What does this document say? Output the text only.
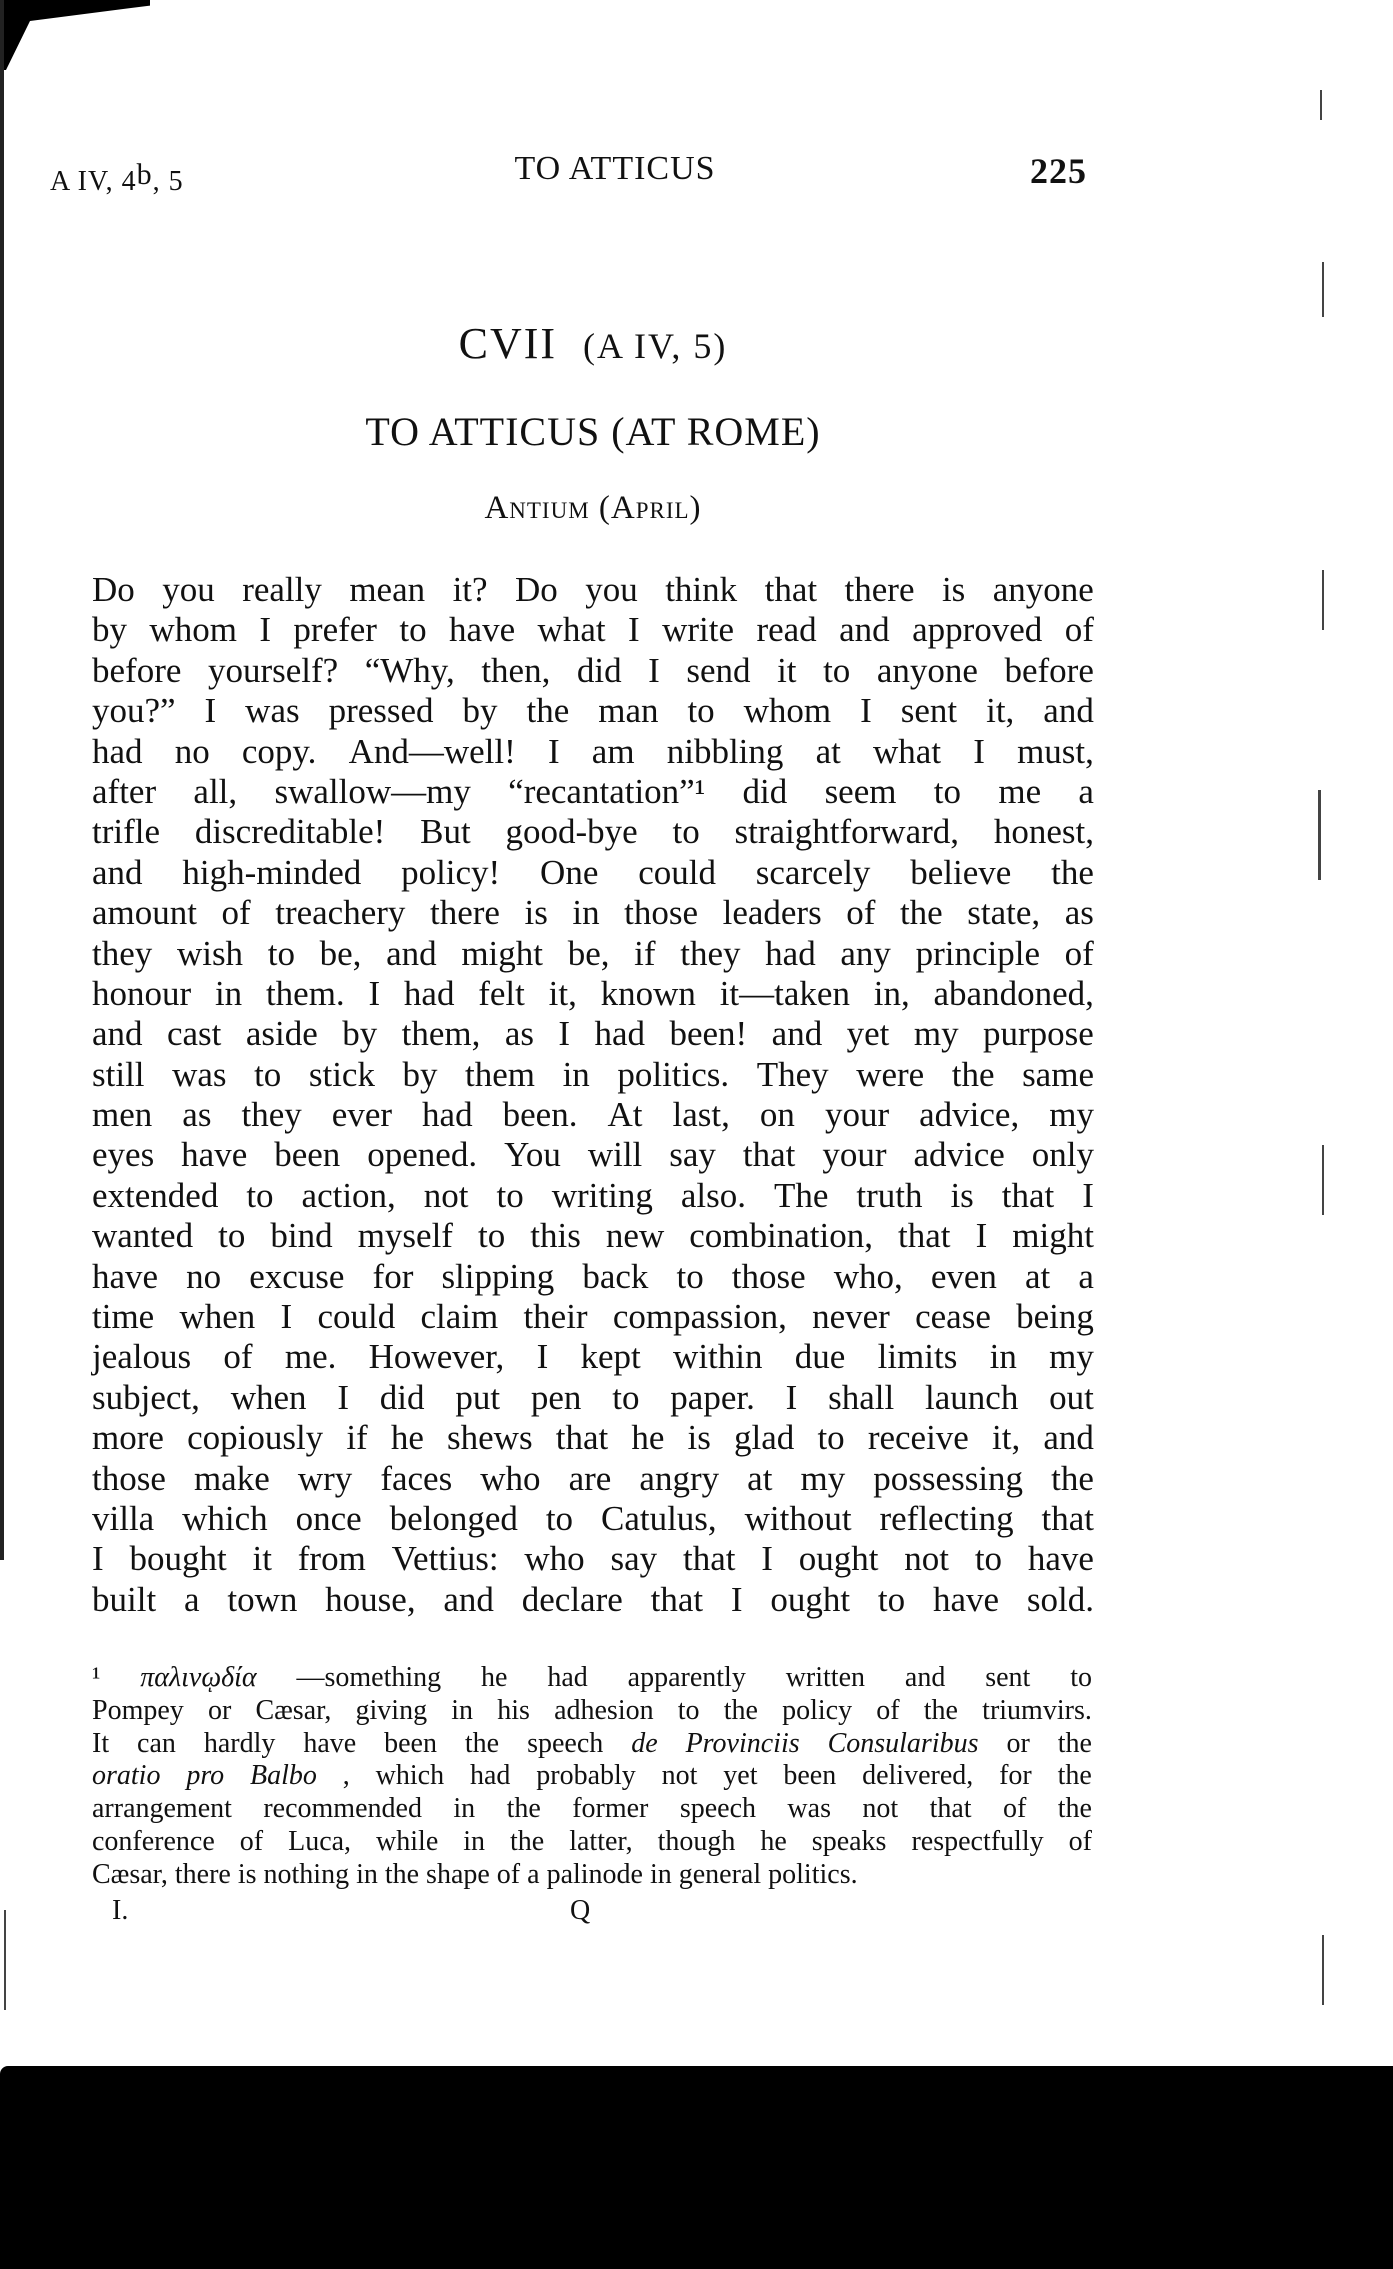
A IV, 4$^b$, 5	TO ATTICUS	225
CVII (A IV, 5)
TO ATTICUS (AT ROME)
Antium (April)
Do you really mean it? Do you think that there is anyone
by whom I prefer to have what I write read and approved of
before yourself? “Why, then, did I send it to anyone before
you?” I was pressed by the man to whom I sent it, and
had no copy. And—well! I am nibbling at what I must,
after all, swallow—my “recantation”¹ did seem to me a
trifle discreditable! But good-bye to straightforward, honest,
and high-minded policy! One could scarcely believe the
amount of treachery there is in those leaders of the state, as
they wish to be, and might be, if they had any principle of
honour in them. I had felt it, known it—taken in, abandoned,
and cast aside by them, as I had been! and yet my purpose
still was to stick by them in politics. They were the same
men as they ever had been. At last, on your advice, my
eyes have been opened. You will say that your advice only
extended to action, not to writing also. The truth is that I
wanted to bind myself to this new combination, that I might
have no excuse for slipping back to those who, even at a
time when I could claim their compassion, never cease being
jealous of me. However, I kept within due limits in my
subject, when I did put pen to paper. I shall launch out
more copiously if he shews that he is glad to receive it, and
those make wry faces who are angry at my possessing the
villa which once belonged to Catulus, without reflecting that
I bought it from Vettius: who say that I ought not to have
built a town house, and declare that I ought to have sold.
¹ παλινῳδία —something he had apparently written and sent to
Pompey or Cæsar, giving in his adhesion to the policy of the triumvirs.
It can hardly have been the speech de Provinciis Consularibus or the
oratio pro Balbo , which had probably not yet been delivered, for the
arrangement recommended in the former speech was not that of the
conference of Luca, while in the latter, though he speaks respectfully of
Cæsar, there is nothing in the shape of a palinode in general politics.
I.	Q
